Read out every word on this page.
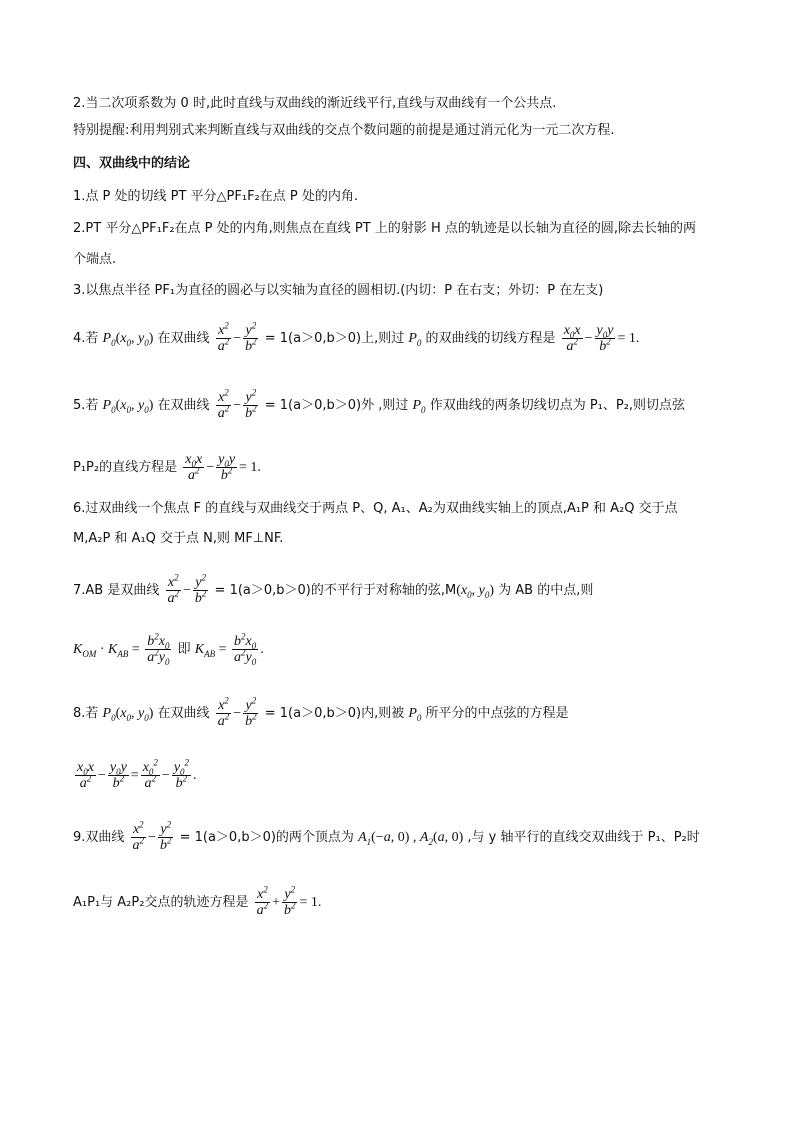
2.当二次项系数为 0 时,此时直线与双曲线的渐近线平行,直线与双曲线有一个公共点.
特别提醒:利用判别式来判断直线与双曲线的交点个数问题的前提是通过消元化为一元二次方程.
四、双曲线中的结论
1.点 P 处的切线 PT 平分△PF₁F₂在点 P 处的内角.
2.PT 平分△PF₁F₂在点 P 处的内角,则焦点在直线 PT 上的射影 H 点的轨迹是以长轴为直径的圆,除去长轴的两
个端点.
3.以焦点半径 PF₁为直径的圆必与以实轴为直径的圆相切.(内切：P 在右支；外切：P 在左支)
4.若 $P_0(x_0$, $y_0$) 在双曲线 $\frac{x^2}{a^2} - \frac{y^2}{b^2} = 1(a>0,b>0)$上,则过 $P_0$ 的双曲线的切线方程是 $\frac{x_0x}{a^2} - \frac{y_0y}{b^2} = 1$.
5.若 $P_0(x_0$, $y_0$) 在双曲线 $\frac{x^2}{a^2} - \frac{y^2}{b^2} = 1(a>0,b>0)$外 ,则过 $P_0$ 作双曲线的两条切线切点为 P₁、P₂,则切点弦
P₁P₂的直线方程是 $\frac{x_0x}{a^2} - \frac{y_0y}{b^2} = 1$.
6.过双曲线一个焦点 F 的直线与双曲线交于两点 P、Q, A₁、A₂为双曲线实轴上的顶点,A₁P 和 A₂Q 交于点
M,A₂P 和 A₁Q 交于点 N,则 MF⊥NF.
7.AB 是双曲线 $\frac{x^2}{a^2} - \frac{y^2}{b^2} = 1(a>0,b>0)$的不平行于对称轴的弦$,M(x_0$, $y_0$) 为 AB 的中点,则
$K_{OM} \cdot K_{AB} = \frac{b^2x_0}{a^2y_0}$ 即 $K_{AB} = \frac{b^2x_0}{a^2y_0}$ .
8.若 $P_0(x_0$, $y_0$) 在双曲线 $\frac{x^2}{a^2} - \frac{y^2}{b^2} = 1(a>0,b>0)$内,则被 $P_0$ 所平分的中点弦的方程是
$\frac{x_0x}{a^2} - \frac{y_0y}{b^2} = \frac{x_0^2}{a^2} - \frac{y_0^2}{b^2}$ .
9.双曲线 $\frac{x^2}{a^2} - \frac{y^2}{b^2} = 1(a>0,b>0)$的两个顶点为 $A_1(-a$, 0) , $A_2(a$, 0) ,与 y 轴平行的直线交双曲线于 P₁、P₂时
A₁P₁与 A₂P₂交点的轨迹方程是 $\frac{x^2}{a^2} + \frac{y^2}{b^2} = 1$.
